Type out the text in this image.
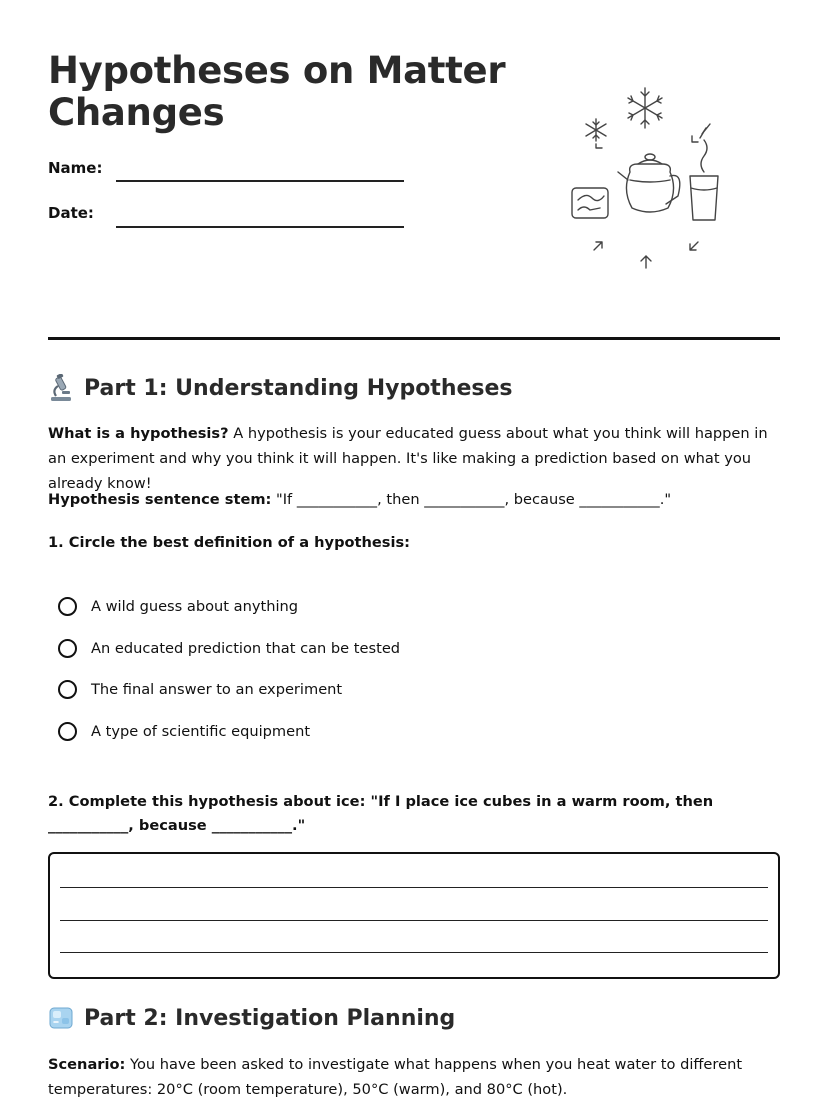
Hypotheses on Matter Changes
Name:
Date:
Part 1: Understanding Hypotheses

What is a hypothesis? A hypothesis is your educated guess about what you think will happen in an experiment and why you think it will happen. It's like making a prediction based on what you already know!

Hypothesis sentence stem: "If ___________, then ___________, because ___________."

1. Circle the best definition of a hypothesis:

A wild guess about anything
An educated prediction that can be tested
The final answer to an experiment
A type of scientific equipment

2. Complete this hypothesis about ice: "If I place ice cubes in a warm room, then ___________, because ___________."

Part 2: Investigation Planning

Scenario: You have been asked to investigate what happens when you heat water to different temperatures: 20°C (room temperature), 50°C (warm), and 80°C (hot).
